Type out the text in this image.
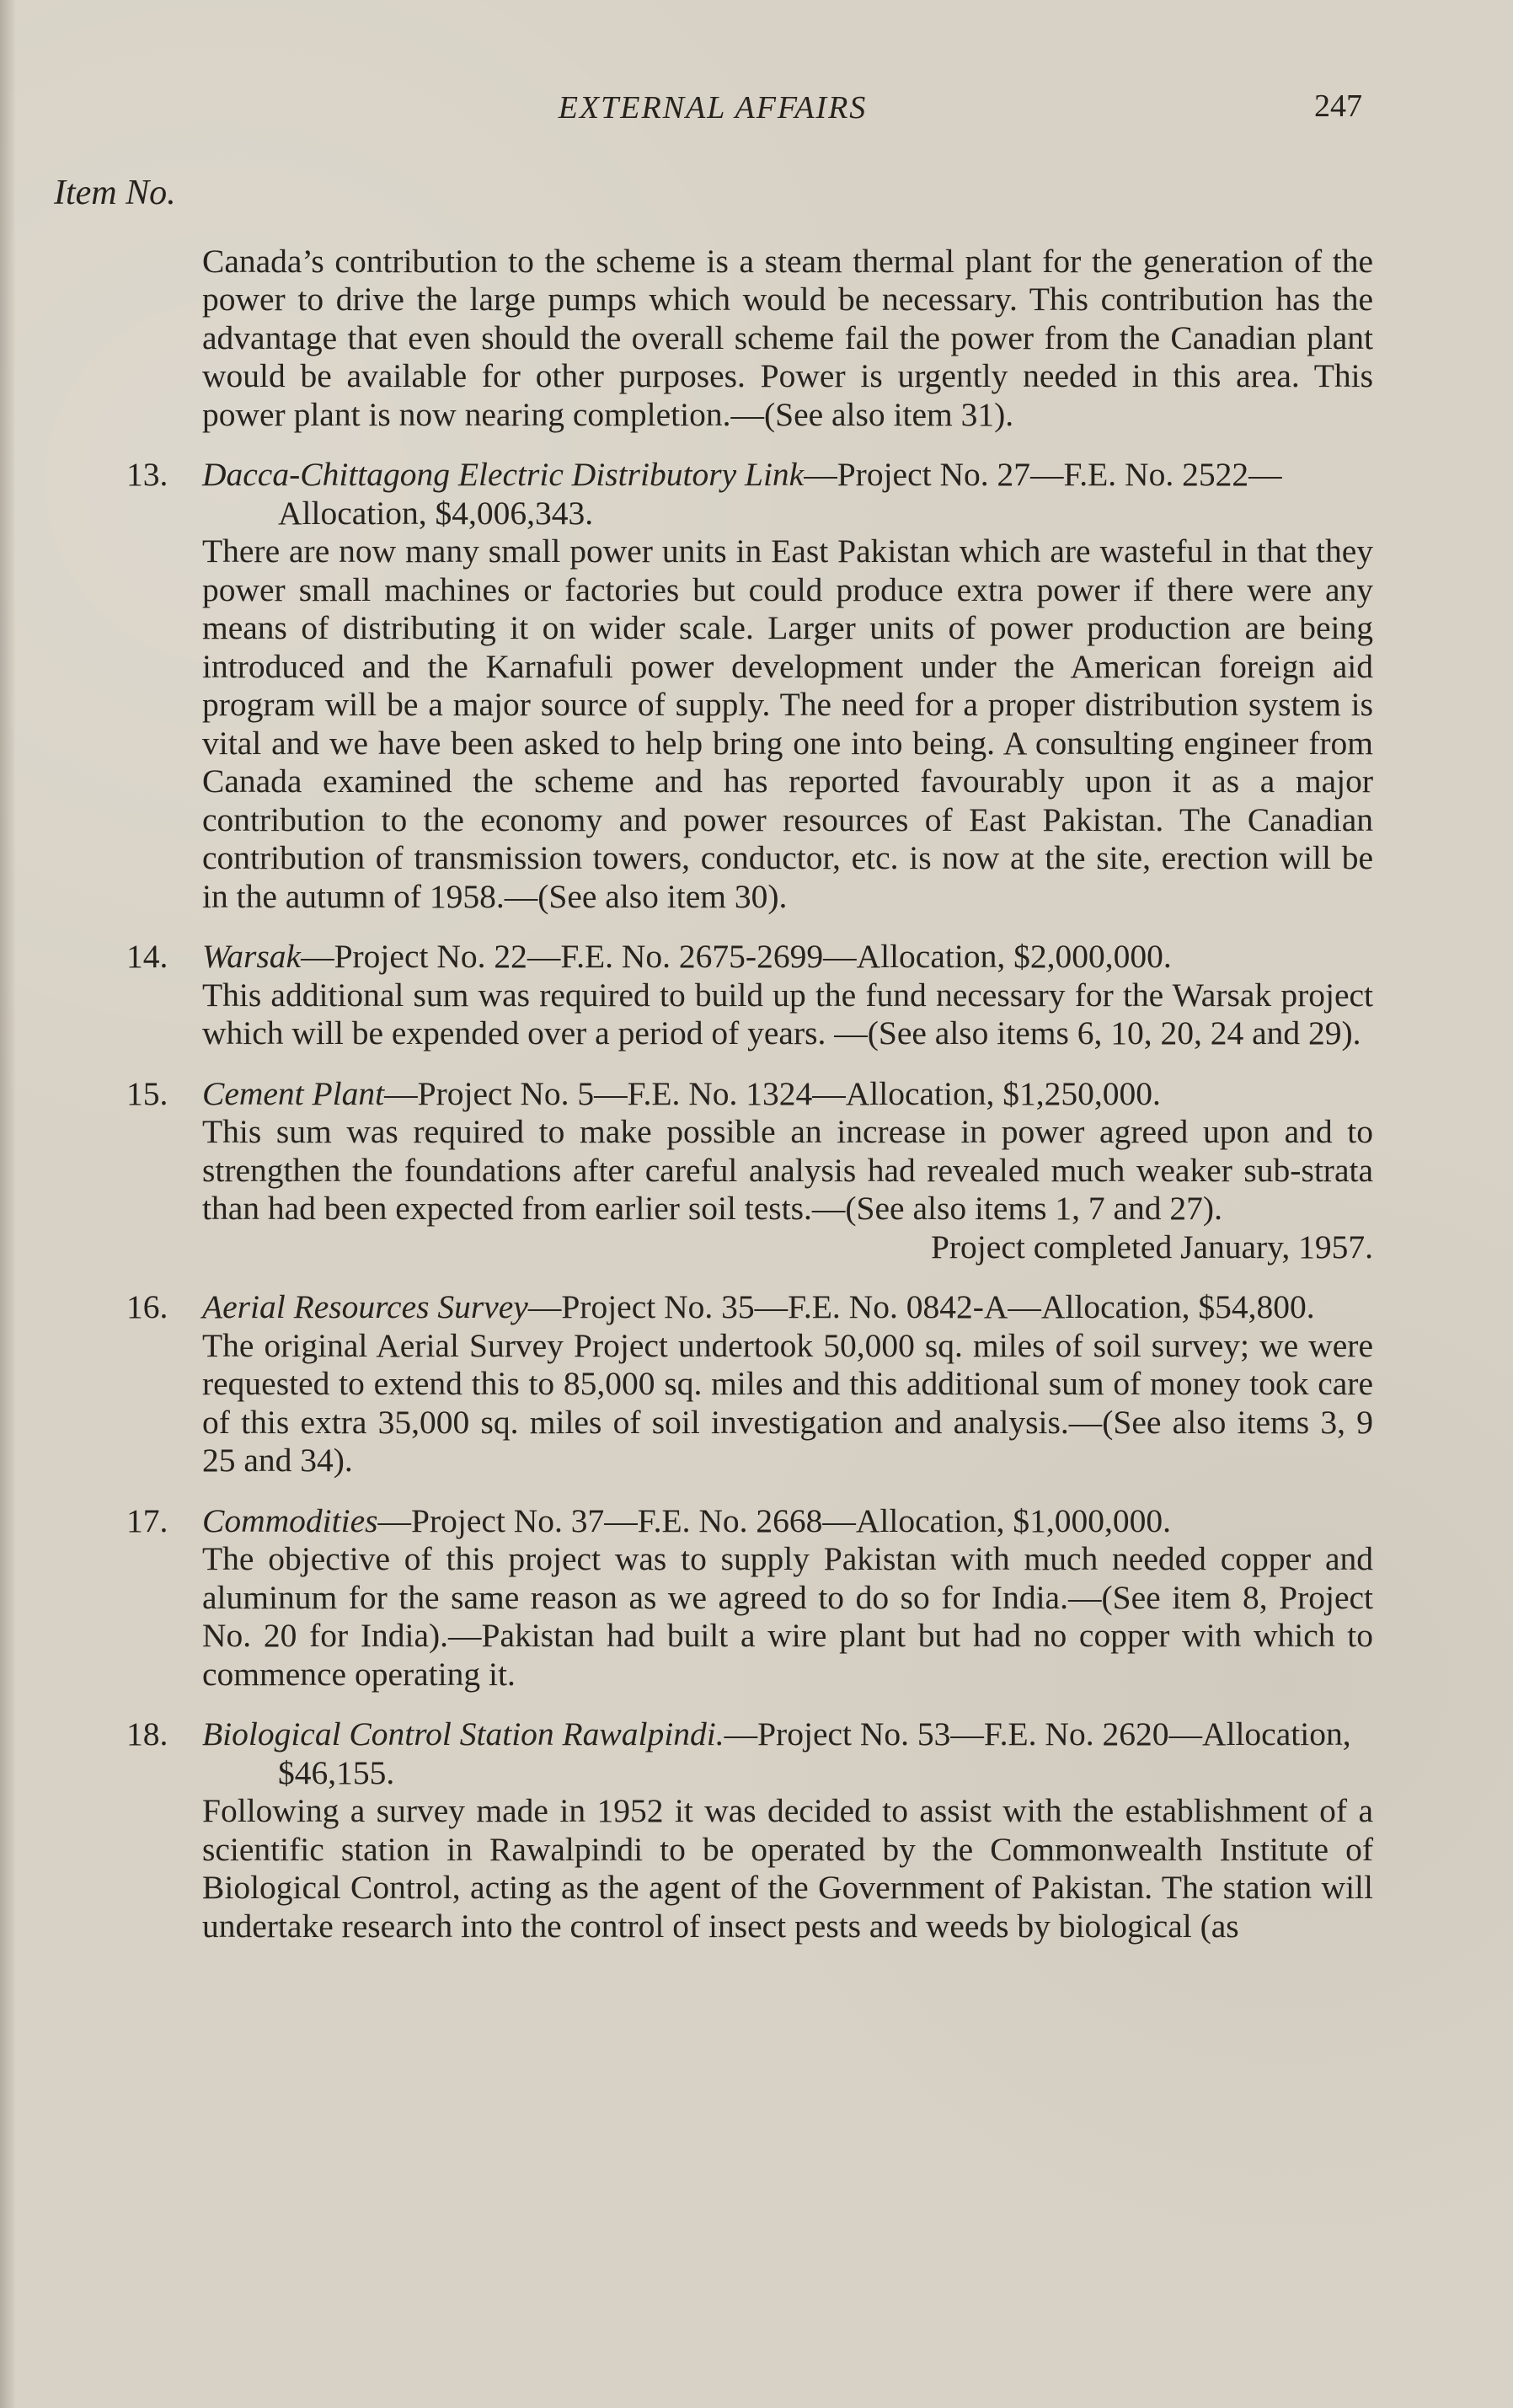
EXTERNAL AFFAIRS	247
Item No.

Canada’s contribution to the scheme is a steam thermal plant for the generation of the power to drive the large pumps which would be necessary. This contribution has the advantage that even should the overall scheme fail the power from the Canadian plant would be available for other purposes. Power is urgently needed in this area. This power plant is now nearing completion.—(See also item 31).

13.	Dacca-Chittagong Electric Distributory Link—Project No. 27—F.E. No. 2522—Allocation, $4,006,343.
There are now many small power units in East Pakistan which are wasteful in that they power small machines or factories but could produce extra power if there were any means of distributing it on wider scale. Larger units of power production are being introduced and the Karnafuli power development under the American foreign aid program will be a major source of supply. The need for a proper distribution system is vital and we have been asked to help bring one into being. A consulting engineer from Canada examined the scheme and has reported favourably upon it as a major contribution to the economy and power resources of East Pakistan. The Canadian contribution of transmission towers, conductor, etc. is now at the site, erection will be in the autumn of 1958.—(See also item 30).
14.	Warsak—Project No. 22—F.E. No. 2675-2699—Allocation, $2,000,000.
This additional sum was required to build up the fund necessary for the Warsak project which will be expended over a period of years. —(See also items 6, 10, 20, 24 and 29).
15.	Cement Plant—Project No. 5—F.E. No. 1324—Allocation, $1,250,000.
This sum was required to make possible an increase in power agreed upon and to strengthen the foundations after careful analysis had revealed much weaker sub-strata than had been expected from earlier soil tests.—(See also items 1, 7 and 27).
Project completed January, 1957.
16.	Aerial Resources Survey—Project No. 35—F.E. No. 0842-A—Allocation, $54,800.
The original Aerial Survey Project undertook 50,000 sq. miles of soil survey; we were requested to extend this to 85,000 sq. miles and this additional sum of money took care of this extra 35,000 sq. miles of soil investigation and analysis.—(See also items 3, 9 25 and 34).
17.	Commodities—Project No. 37—F.E. No. 2668—Allocation, $1,000,000.
The objective of this project was to supply Pakistan with much needed copper and aluminum for the same reason as we agreed to do so for India.—(See item 8, Project No. 20 for India).—Pakistan had built a wire plant but had no copper with which to commence operating it.
18.	Biological Control Station Rawalpindi.—Project No. 53—F.E. No. 2620—Allocation, $46,155.
Following a survey made in 1952 it was decided to assist with the establishment of a scientific station in Rawalpindi to be operated by the Commonwealth Institute of Biological Control, acting as the agent of the Government of Pakistan. The station will undertake research into the control of insect pests and weeds by biological (as
